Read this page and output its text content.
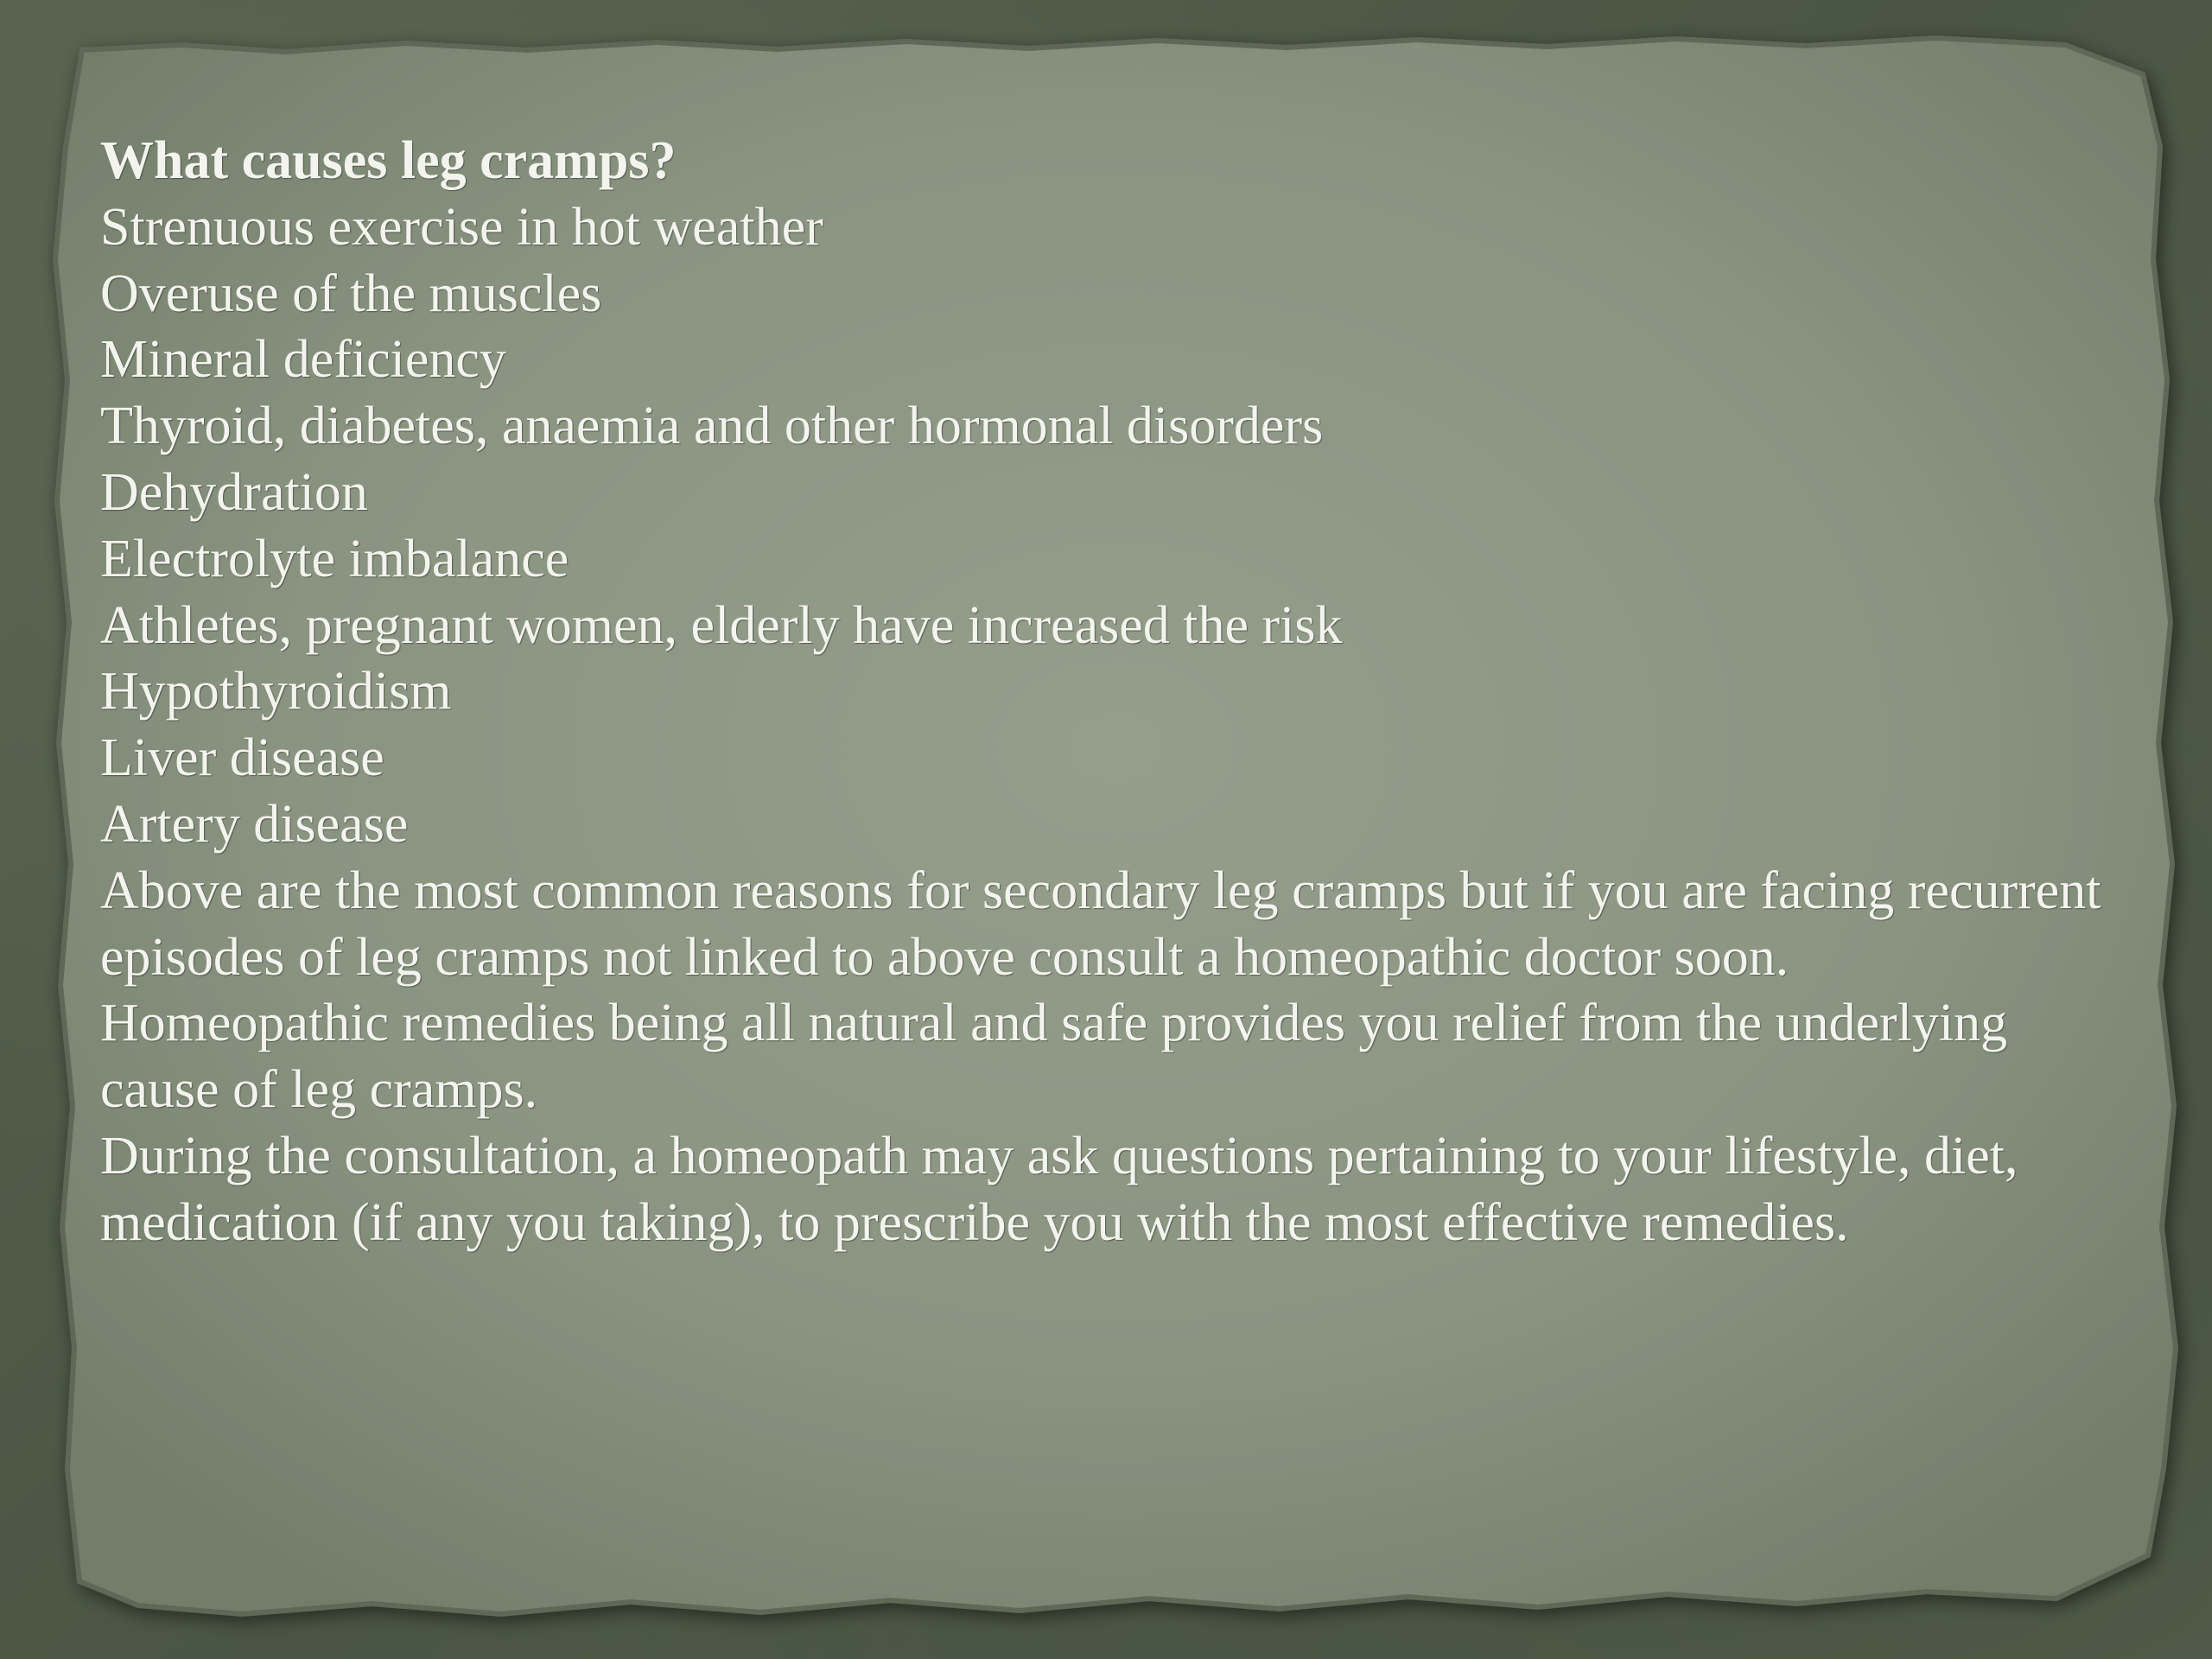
What causes leg cramps?

Strenuous exercise in hot weather

Overuse of the muscles

Mineral deficiency

Thyroid, diabetes, anaemia and other hormonal disorders

Dehydration

Electrolyte imbalance

Athletes, pregnant women, elderly have increased the risk

Hypothyroidism

Liver disease

Artery disease

Above are the most common reasons for secondary leg cramps but if you are facing recurrent episodes of leg cramps not linked to above consult a homeopathic doctor soon.

Homeopathic remedies being all natural and safe provides you relief from the underlying cause of leg cramps.

During the consultation, a homeopath may ask questions pertaining to your lifestyle, diet, medication (if any you taking), to prescribe you with the most effective remedies.
